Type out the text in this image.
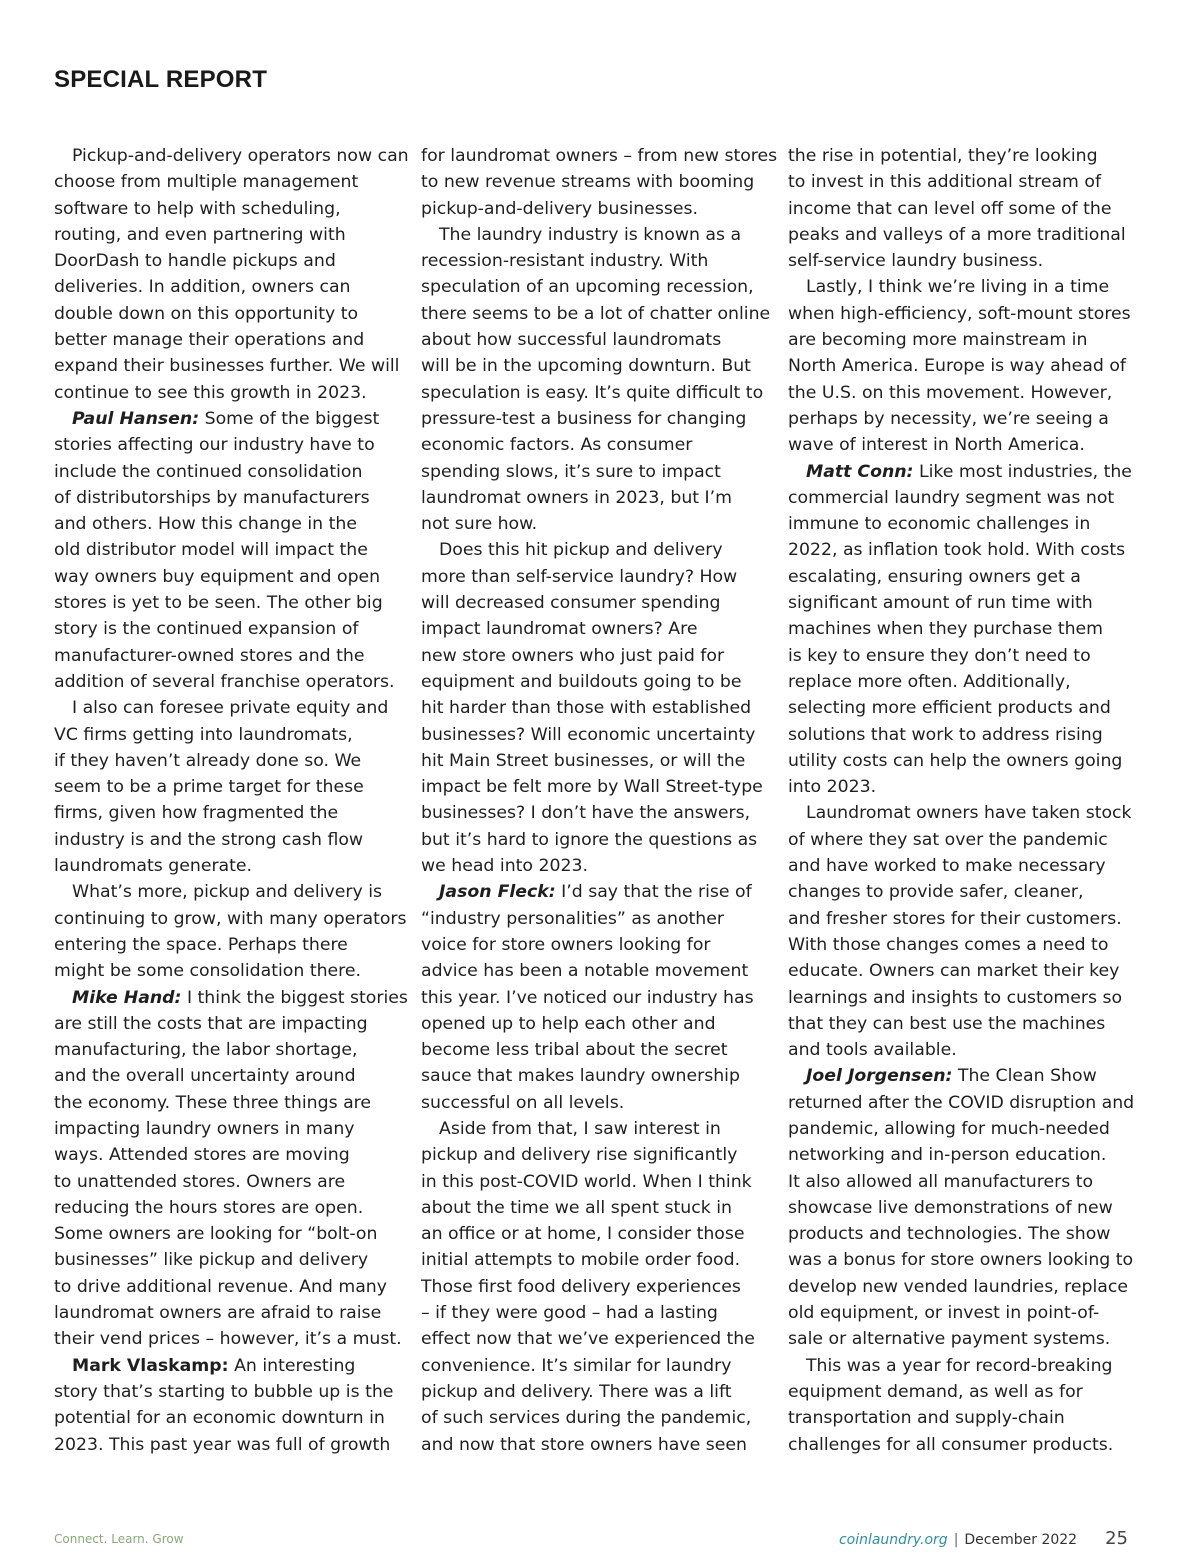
SPECIAL REPORT
Pickup-and-delivery operators now can
choose from multiple management
software to help with scheduling,
routing, and even partnering with
DoorDash to handle pickups and
deliveries. In addition, owners can
double down on this opportunity to
better manage their operations and
expand their businesses further. We will
continue to see this growth in 2023.
Paul Hansen: Some of the biggest
stories affecting our industry have to
include the continued consolidation
of distributorships by manufacturers
and others. How this change in the
old distributor model will impact the
way owners buy equipment and open
stores is yet to be seen. The other big
story is the continued expansion of
manufacturer-owned stores and the
addition of several franchise operators.
I also can foresee private equity and
VC firms getting into laundromats,
if they haven’t already done so. We
seem to be a prime target for these
firms, given how fragmented the
industry is and the strong cash flow
laundromats generate.
What’s more, pickup and delivery is
continuing to grow, with many operators
entering the space. Perhaps there
might be some consolidation there.
Mike Hand: I think the biggest stories
are still the costs that are impacting
manufacturing, the labor shortage,
and the overall uncertainty around
the economy. These three things are
impacting laundry owners in many
ways. Attended stores are moving
to unattended stores. Owners are
reducing the hours stores are open.
Some owners are looking for “bolt-on
businesses” like pickup and delivery
to drive additional revenue. And many
laundromat owners are afraid to raise
their vend prices – however, it’s a must.
Mark Vlaskamp: An interesting
story that’s starting to bubble up is the
potential for an economic downturn in
2023. This past year was full of growth
for laundromat owners – from new stores
to new revenue streams with booming
pickup-and-delivery businesses.
The laundry industry is known as a
recession-resistant industry. With
speculation of an upcoming recession,
there seems to be a lot of chatter online
about how successful laundromats
will be in the upcoming downturn. But
speculation is easy. It’s quite difficult to
pressure-test a business for changing
economic factors. As consumer
spending slows, it’s sure to impact
laundromat owners in 2023, but I’m
not sure how.
Does this hit pickup and delivery
more than self-service laundry? How
will decreased consumer spending
impact laundromat owners? Are
new store owners who just paid for
equipment and buildouts going to be
hit harder than those with established
businesses? Will economic uncertainty
hit Main Street businesses, or will the
impact be felt more by Wall Street-type
businesses? I don’t have the answers,
but it’s hard to ignore the questions as
we head into 2023.
Jason Fleck: I’d say that the rise of
“industry personalities” as another
voice for store owners looking for
advice has been a notable movement
this year. I’ve noticed our industry has
opened up to help each other and
become less tribal about the secret
sauce that makes laundry ownership
successful on all levels.
Aside from that, I saw interest in
pickup and delivery rise significantly
in this post-COVID world. When I think
about the time we all spent stuck in
an office or at home, I consider those
initial attempts to mobile order food.
Those first food delivery experiences
– if they were good – had a lasting
effect now that we’ve experienced the
convenience. It’s similar for laundry
pickup and delivery. There was a lift
of such services during the pandemic,
and now that store owners have seen
the rise in potential, they’re looking
to invest in this additional stream of
income that can level off some of the
peaks and valleys of a more traditional
self-service laundry business.
Lastly, I think we’re living in a time
when high-efficiency, soft-mount stores
are becoming more mainstream in
North America. Europe is way ahead of
the U.S. on this movement. However,
perhaps by necessity, we’re seeing a
wave of interest in North America.
Matt Conn: Like most industries, the
commercial laundry segment was not
immune to economic challenges in
2022, as inflation took hold. With costs
escalating, ensuring owners get a
significant amount of run time with
machines when they purchase them
is key to ensure they don’t need to
replace more often. Additionally,
selecting more efficient products and
solutions that work to address rising
utility costs can help the owners going
into 2023.
Laundromat owners have taken stock
of where they sat over the pandemic
and have worked to make necessary
changes to provide safer, cleaner,
and fresher stores for their customers.
With those changes comes a need to
educate. Owners can market their key
learnings and insights to customers so
that they can best use the machines
and tools available.
Joel Jorgensen: The Clean Show
returned after the COVID disruption and
pandemic, allowing for much-needed
networking and in-person education.
It also allowed all manufacturers to
showcase live demonstrations of new
products and technologies. The show
was a bonus for store owners looking to
develop new vended laundries, replace
old equipment, or invest in point-of-
sale or alternative payment systems.
This was a year for record-breaking
equipment demand, as well as for
transportation and supply-chain
challenges for all consumer products.
Connect. Learn. Grow	coinlaundry.org | December 2022 25
